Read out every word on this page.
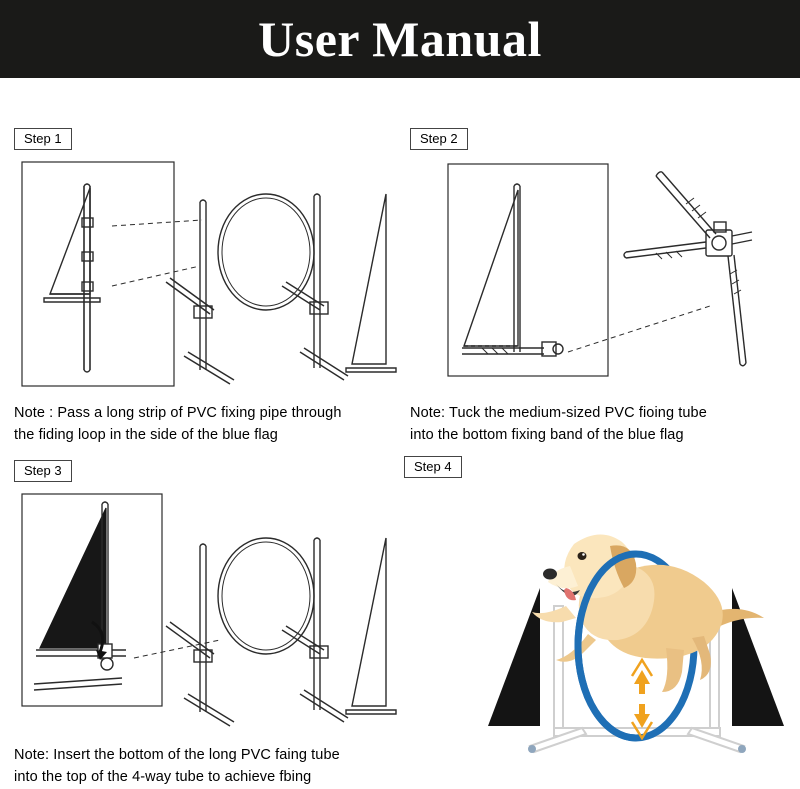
User Manual
Step 1
Note : Pass a long strip of PVC fixing pipe through
the fiding loop in the side of the blue flag
Step 2
Note: Tuck the medium-sized PVC fioing tube
into the bottom fixing band of the blue flag
Step 3
Note: Insert the bottom of the long PVC faing tube
into the top of the 4-way tube to achieve fbing
Step 4
